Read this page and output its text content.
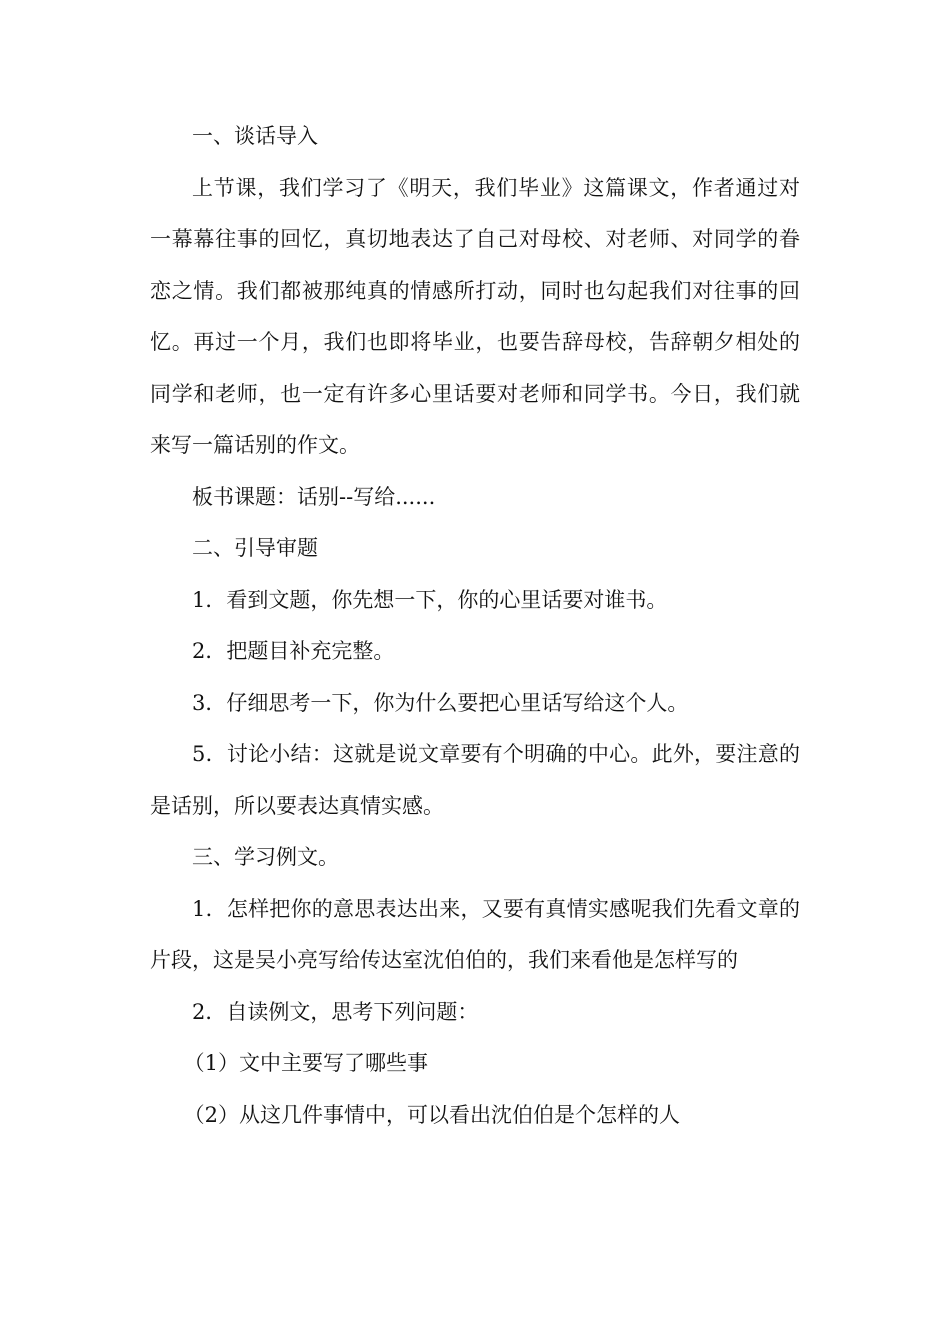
一、谈话导入

上节课，我们学习了《明天，我们毕业》这篇课文，作者通过对一幕幕往事的回忆，真切地表达了自己对母校、对老师、对同学的眷恋之情。我们都被那纯真的情感所打动，同时也勾起我们对往事的回忆。再过一个月，我们也即将毕业，也要告辞母校，告辞朝夕相处的同学和老师，也一定有许多心里话要对老师和同学书。今日，我们就来写一篇话别的作文。

板书课题：话别--写给......

二、引导审题

1．看到文题，你先想一下，你的心里话要对谁书。

2．把题目补充完整。

3．仔细思考一下，你为什么要把心里话写给这个人。

5．讨论小结：这就是说文章要有个明确的中心。此外，要注意的是话别，所以要表达真情实感。

三、学习例文。

1．怎样把你的意思表达出来，又要有真情实感呢我们先看文章的片段，这是吴小亮写给传达室沈伯伯的，我们来看他是怎样写的

2．自读例文，思考下列问题：

（1）文中主要写了哪些事

（2）从这几件事情中，可以看出沈伯伯是个怎样的人
